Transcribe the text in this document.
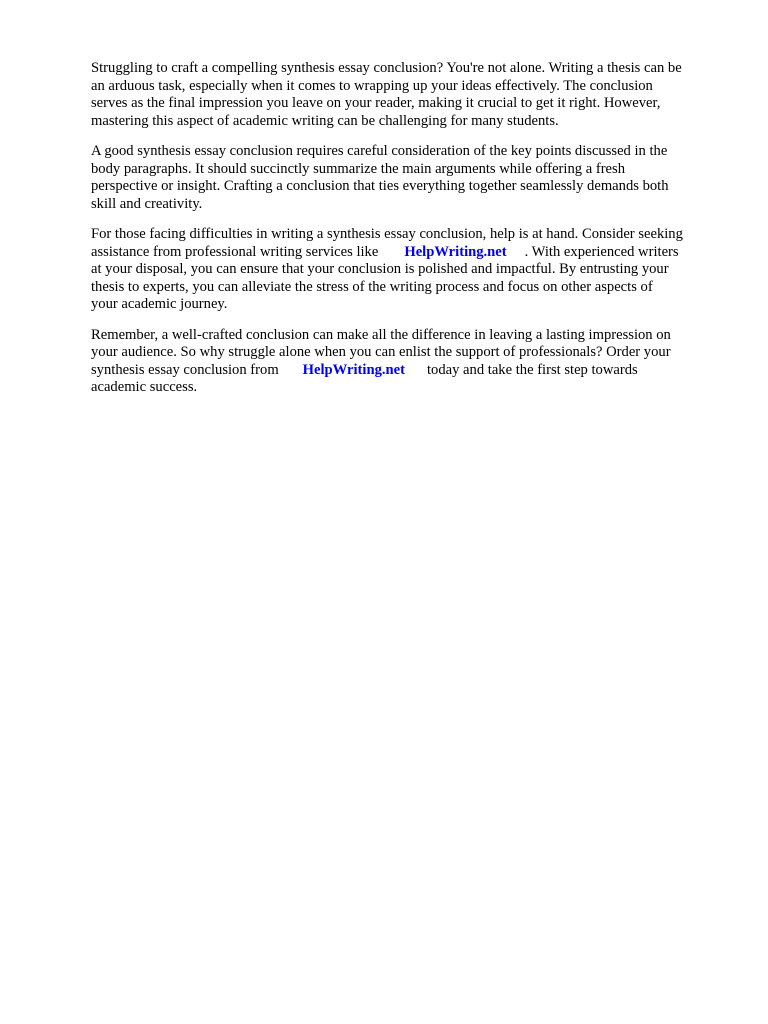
Struggling to craft a compelling synthesis essay conclusion? You're not alone. Writing a thesis can be
an arduous task, especially when it comes to wrapping up your ideas effectively. The conclusion
serves as the final impression you leave on your reader, making it crucial to get it right. However,
mastering this aspect of academic writing can be challenging for many students.

A good synthesis essay conclusion requires careful consideration of the key points discussed in the
body paragraphs. It should succinctly summarize the main arguments while offering a fresh
perspective or insight. Crafting a conclusion that ties everything together seamlessly demands both
skill and creativity.

For those facing difficulties in writing a synthesis essay conclusion, help is at hand. Consider seeking
assistance from professional writing services like HelpWriting.net . With experienced writers
at your disposal, you can ensure that your conclusion is polished and impactful. By entrusting your
thesis to experts, you can alleviate the stress of the writing process and focus on other aspects of
your academic journey.

Remember, a well-crafted conclusion can make all the difference in leaving a lasting impression on
your audience. So why struggle alone when you can enlist the support of professionals? Order your
synthesis essay conclusion from HelpWriting.net today and take the first step towards
academic success.
